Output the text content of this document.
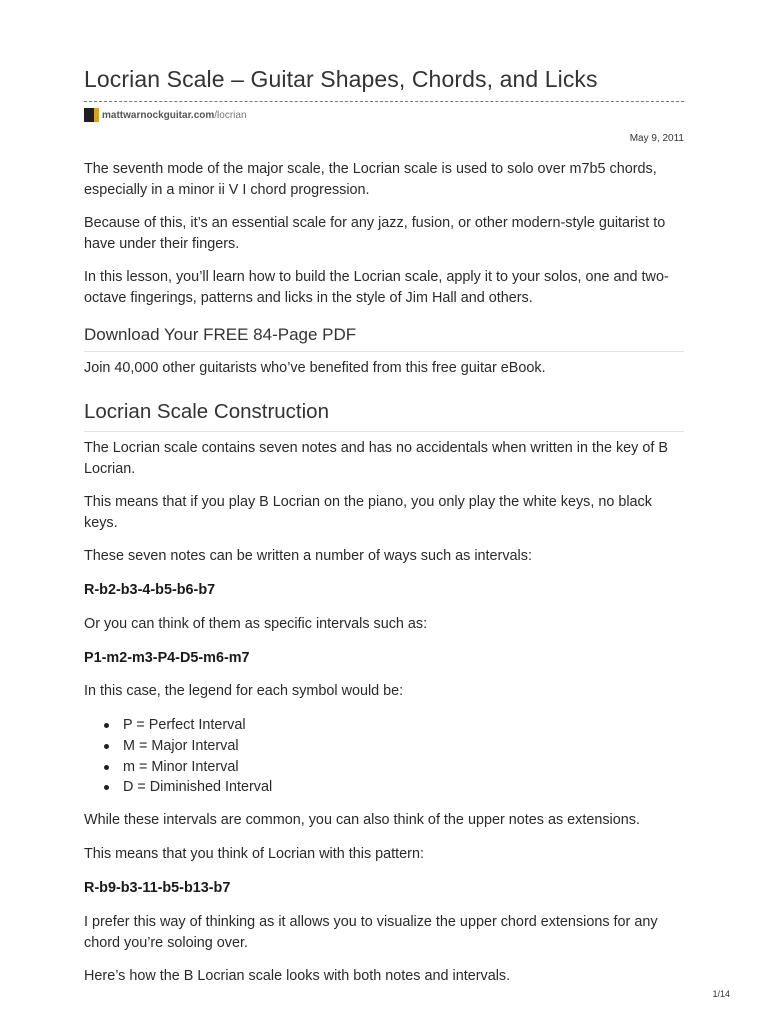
Locrian Scale – Guitar Shapes, Chords, and Licks
mattwarnockguitar.com /locrian
May 9, 2011

The seventh mode of the major scale, the Locrian scale is used to solo over m7b5 chords, especially in a minor ii V I chord progression.

Because of this, it’s an essential scale for any jazz, fusion, or other modern-style guitarist to have under their fingers.

In this lesson, you’ll learn how to build the Locrian scale, apply it to your solos, one and two-octave fingerings, patterns and licks in the style of Jim Hall and others.

Download Your FREE 84-Page PDF

Join 40,000 other guitarists who’ve benefited from this free guitar eBook.

Locrian Scale Construction

The Locrian scale contains seven notes and has no accidentals when written in the key of B Locrian.

This means that if you play B Locrian on the piano, you only play the white keys, no black keys.

These seven notes can be written a number of ways such as intervals:

R-b2-b3-4-b5-b6-b7

Or you can think of them as specific intervals such as:

P1-m2-m3-P4-D5-m6-m7

In this case, the legend for each symbol would be:

P = Perfect Interval
M = Major Interval
m = Minor Interval
D = Diminished Interval

While these intervals are common, you can also think of the upper notes as extensions.

This means that you think of Locrian with this pattern:

R-b9-b3-11-b5-b13-b7

I prefer this way of thinking as it allows you to visualize the upper chord extensions for any chord you’re soloing over.

Here’s how the B Locrian scale looks with both notes and intervals.

1/14
